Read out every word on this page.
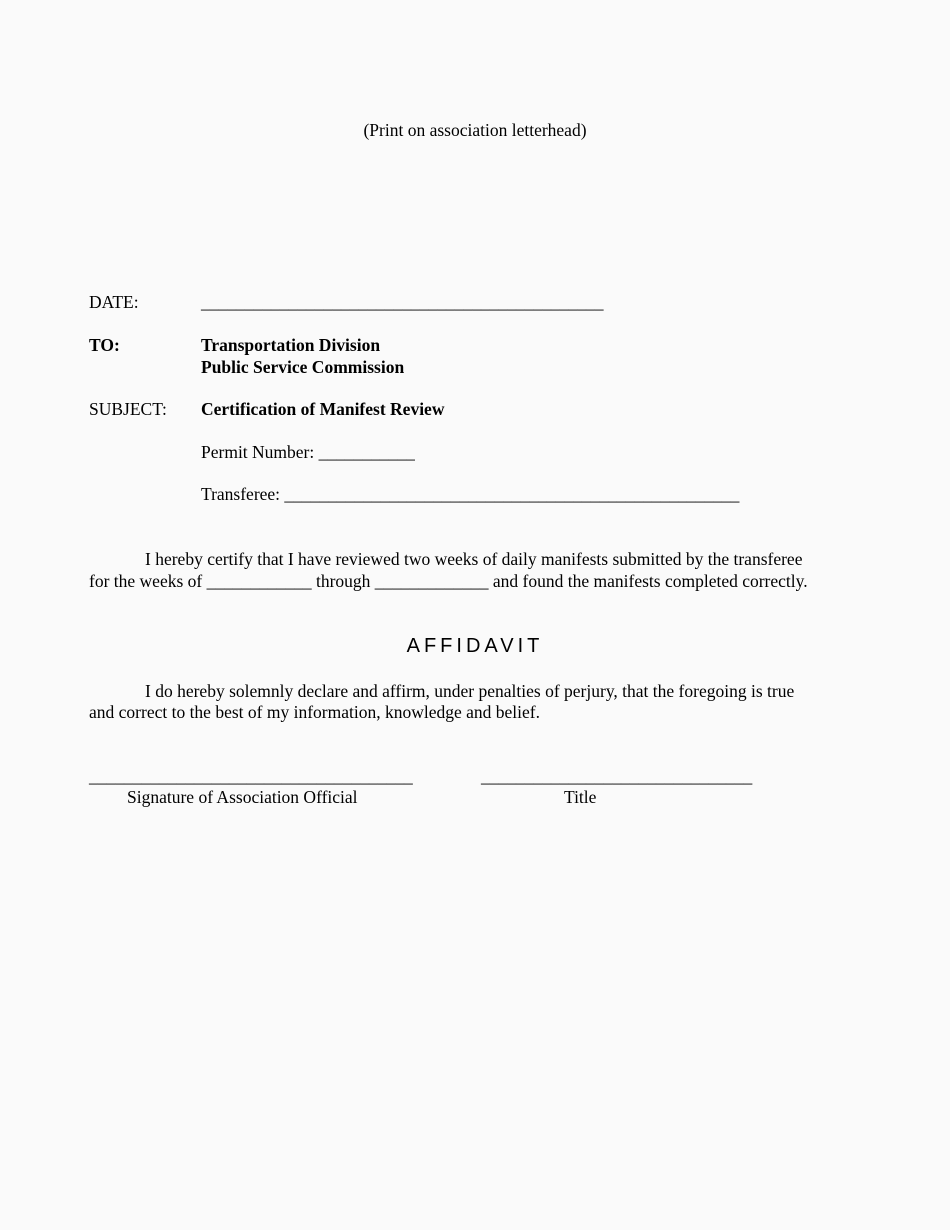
(Print on association letterhead)
DATE:	______________________________________________
TO:	Transportation Division
Public Service Commission
SUBJECT: Certification of Manifest Review
Permit Number: ___________
Transferee: ____________________________________________________
I hereby certify that I have reviewed two weeks of daily manifests submitted by the transferee
for the weeks of ____________ through _____________ and found the manifests completed correctly.
AFFIDAVIT
I do hereby solemnly declare and affirm, under penalties of perjury, that the foregoing is true
and correct to the best of my information, knowledge and belief.
_____________________________________	_______________________________
Signature of Association Official	Title
